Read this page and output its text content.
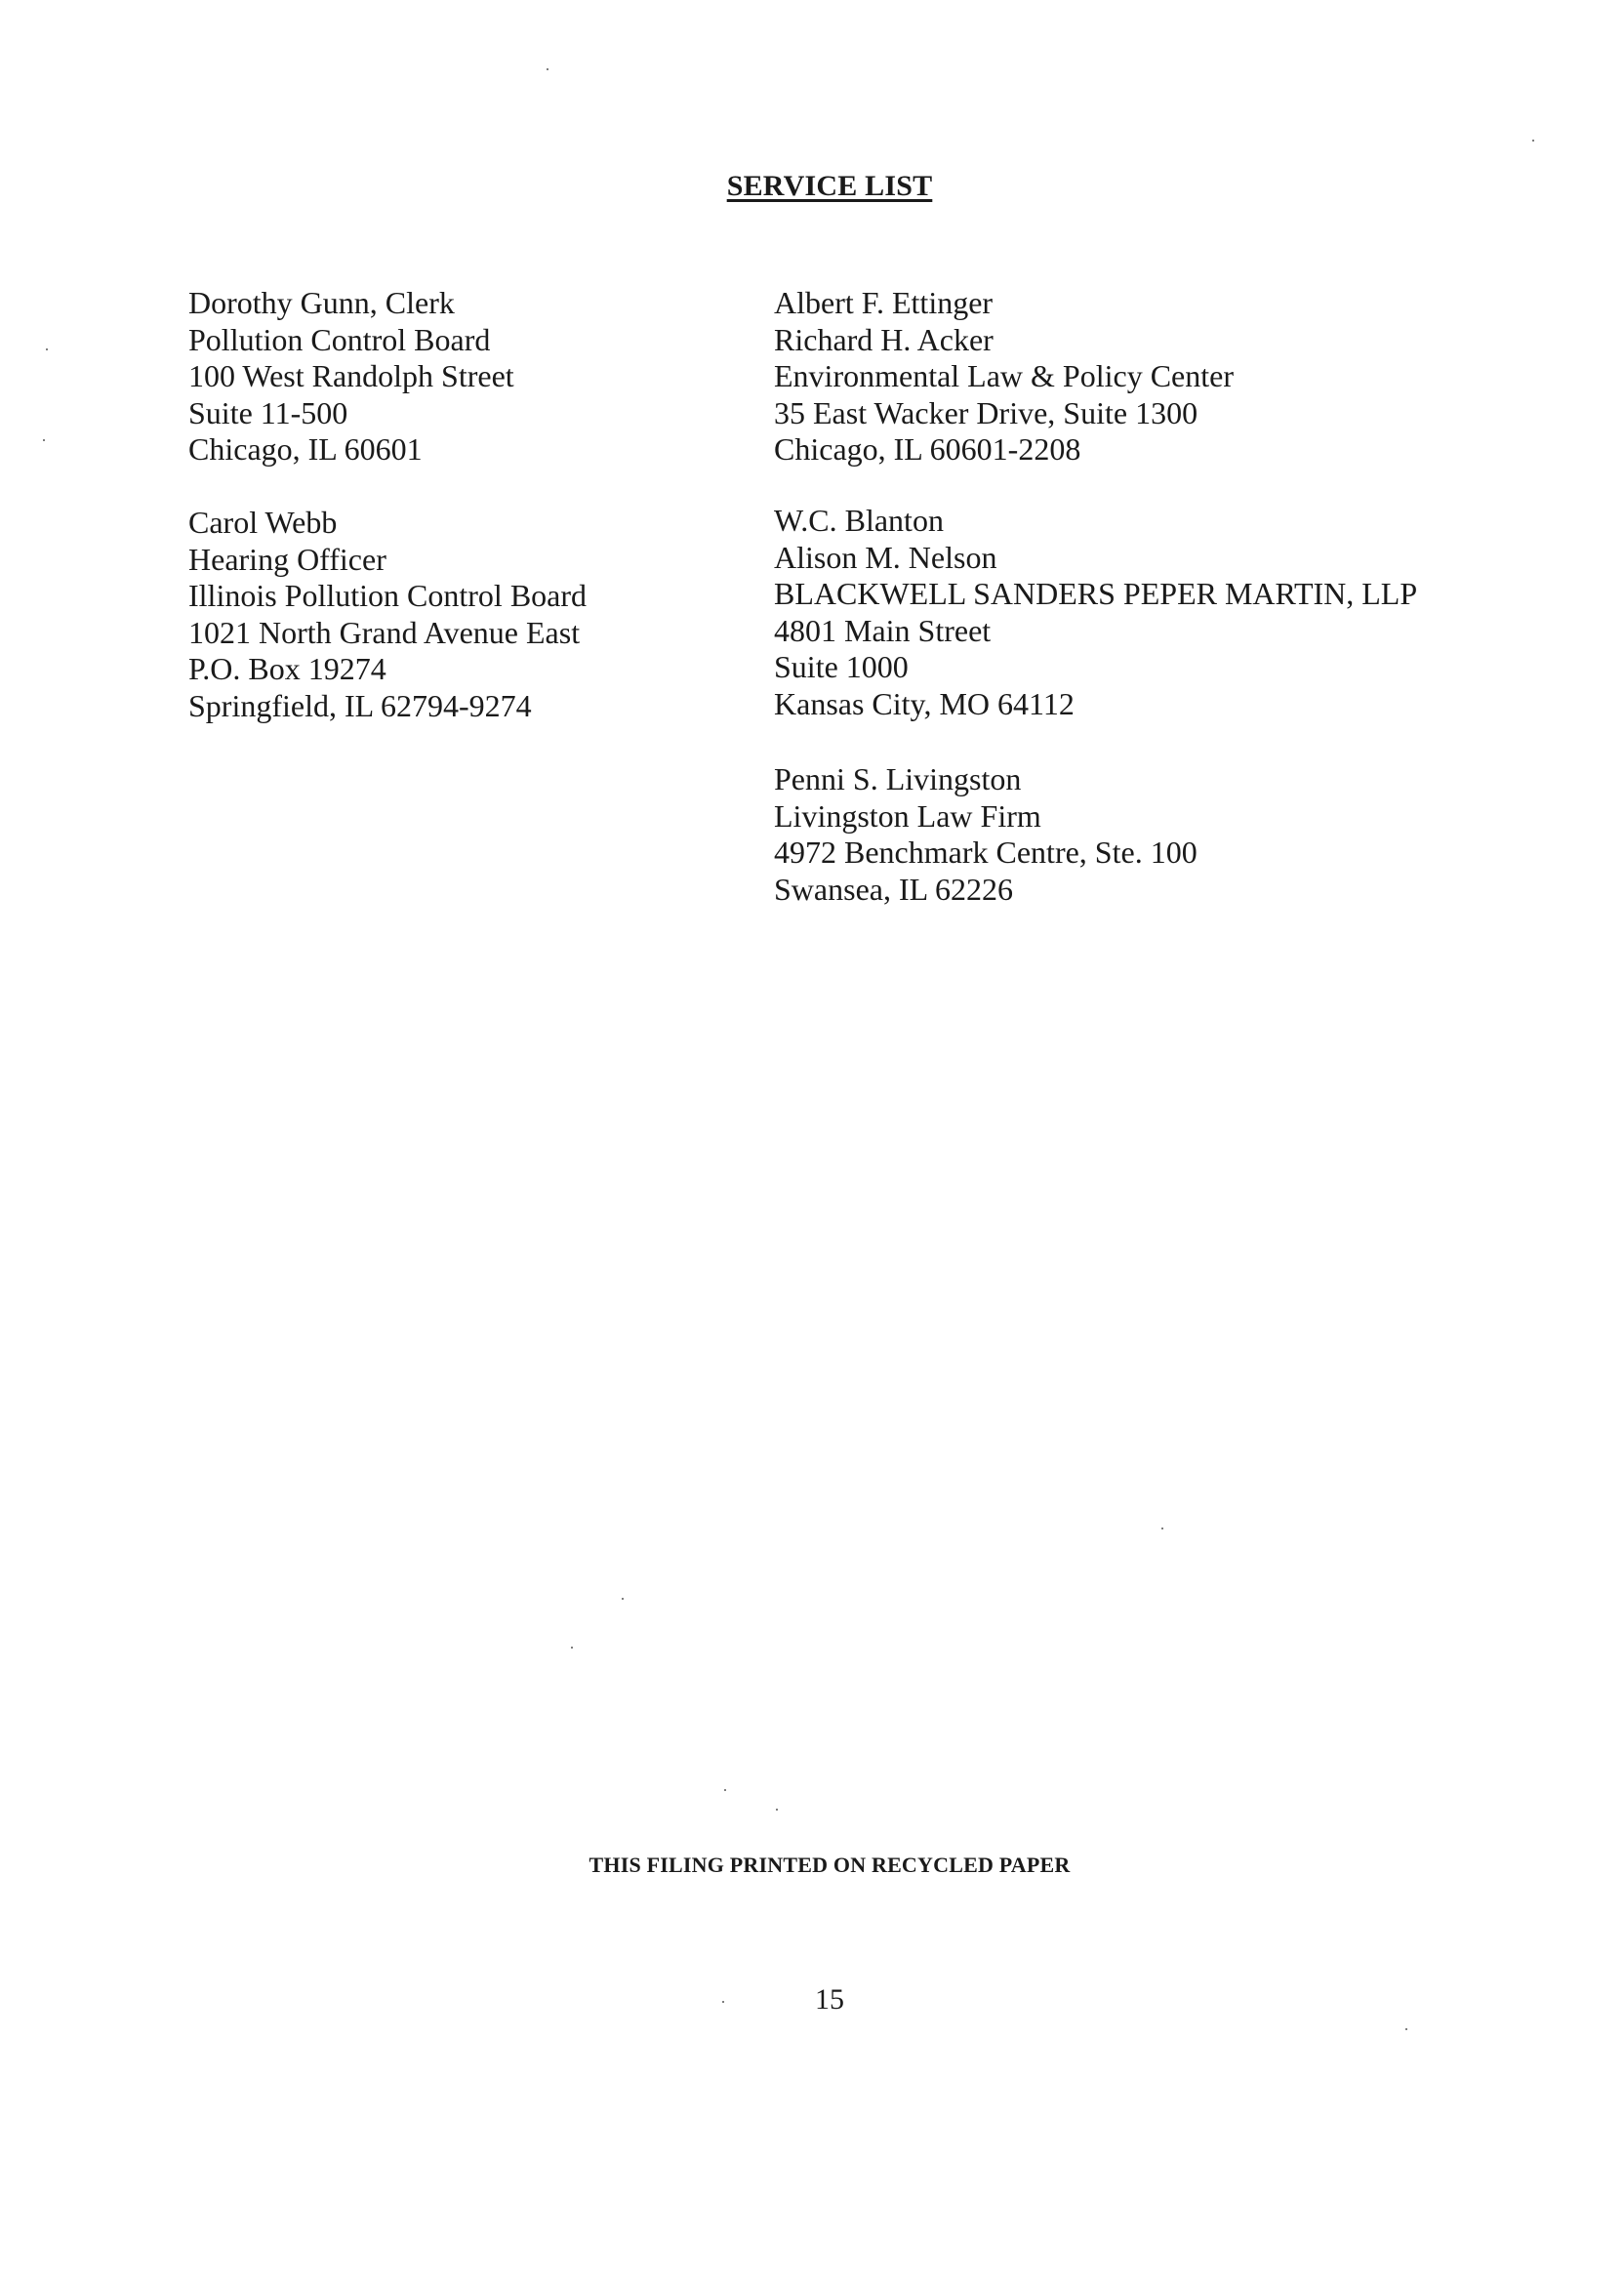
SERVICE LIST
Dorothy Gunn, Clerk
Pollution Control Board
100 West Randolph Street
Suite 11-500
Chicago, IL 60601
Carol Webb
Hearing Officer
Illinois Pollution Control Board
1021 North Grand Avenue East
P.O. Box 19274
Springfield, IL 62794-9274
Albert F. Ettinger
Richard H. Acker
Environmental Law & Policy Center
35 East Wacker Drive, Suite 1300
Chicago, IL 60601-2208
W.C. Blanton
Alison M. Nelson
BLACKWELL SANDERS PEPER MARTIN, LLP
4801 Main Street
Suite 1000
Kansas City, MO 64112
Penni S. Livingston
Livingston Law Firm
4972 Benchmark Centre, Ste. 100
Swansea, IL 62226
THIS FILING PRINTED ON RECYCLED PAPER
15
